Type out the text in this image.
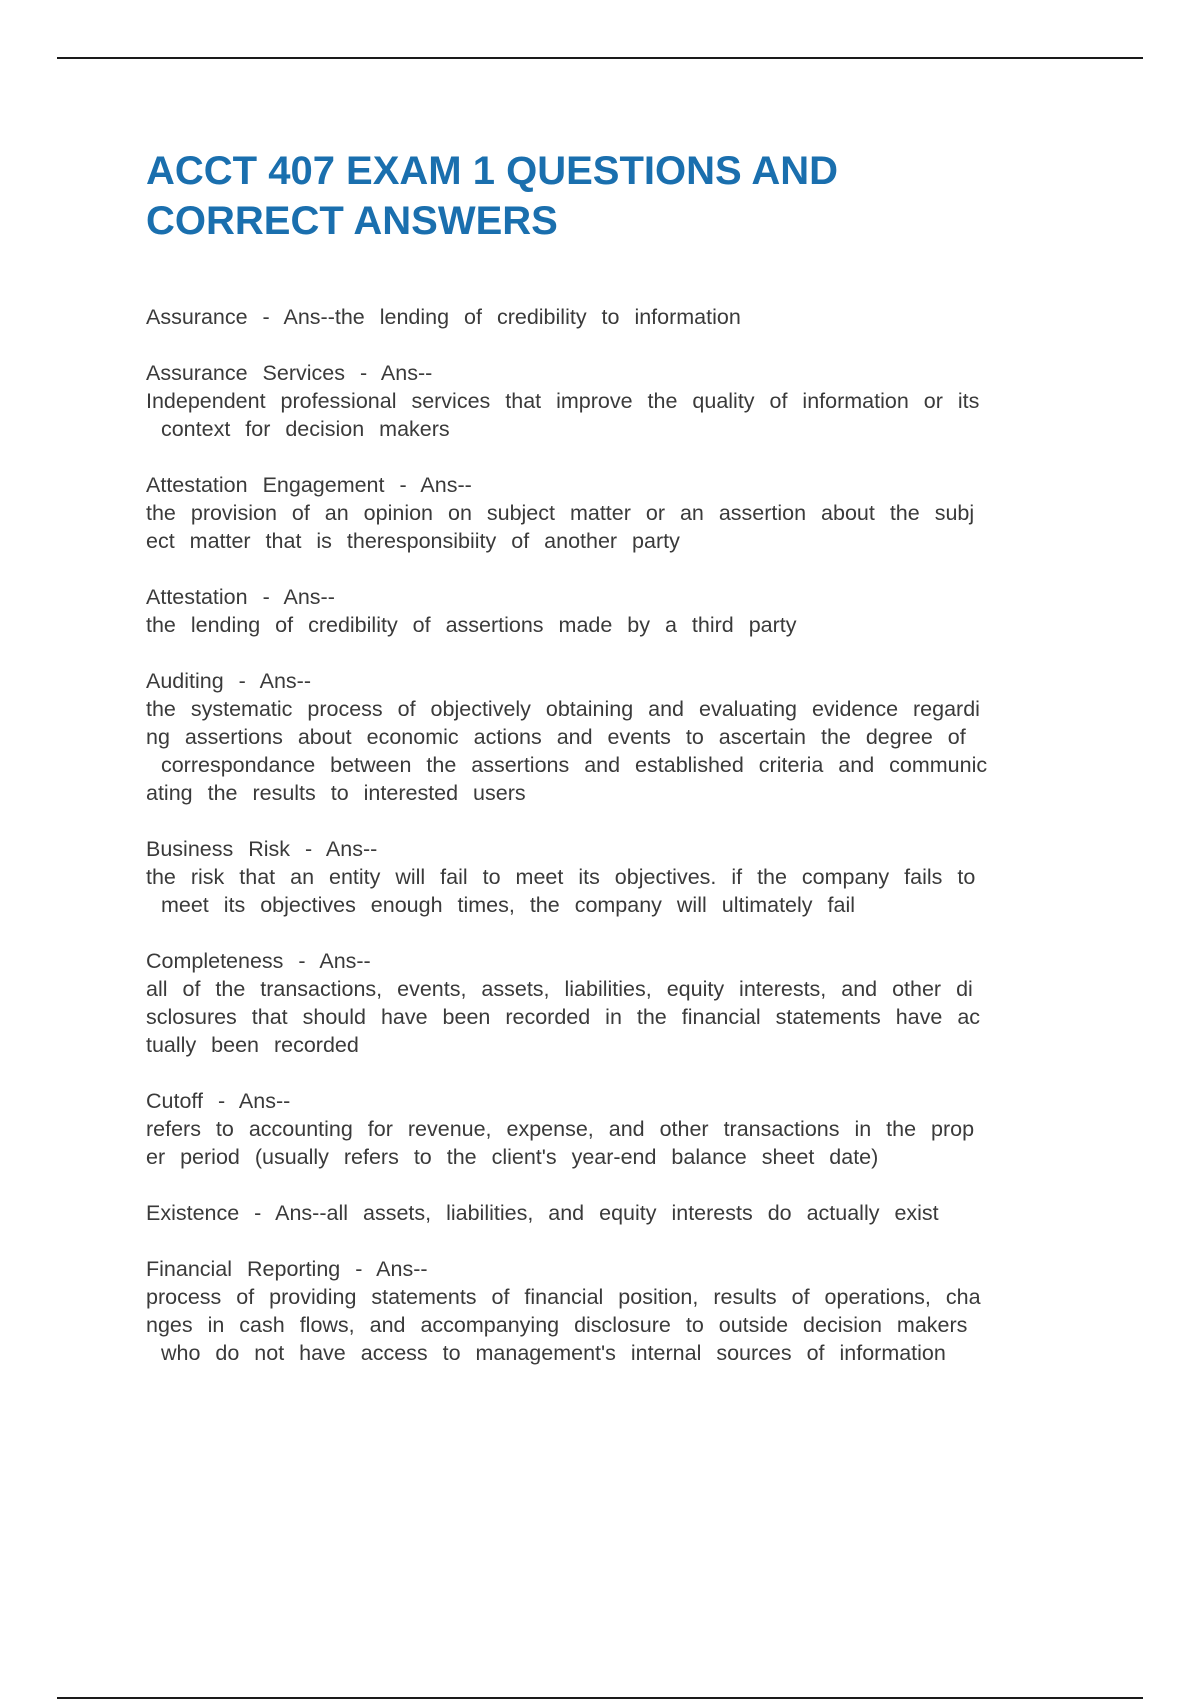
ACCT 407 EXAM 1 QUESTIONS AND
CORRECT ANSWERS

Assurance - Ans--the lending of credibility to information

Assurance Services - Ans--
Independent professional services that improve the quality of information or its
context for decision makers

Attestation Engagement - Ans--
the provision of an opinion on subject matter or an assertion about the subj
ect matter that is theresponsibiity of another party

Attestation - Ans--
the lending of credibility of assertions made by a third party

Auditing - Ans--
the systematic process of objectively obtaining and evaluating evidence regardi
ng assertions about economic actions and events to ascertain the degree of
correspondance between the assertions and established criteria and communic
ating the results to interested users

Business Risk - Ans--
the risk that an entity will fail to meet its objectives. if the company fails to
meet its objectives enough times, the company will ultimately fail

Completeness - Ans--
all of the transactions, events, assets, liabilities, equity interests, and other di
sclosures that should have been recorded in the financial statements have ac
tually been recorded

Cutoff - Ans--
refers to accounting for revenue, expense, and other transactions in the prop
er period (usually refers to the client's year-end balance sheet date)

Existence - Ans--all assets, liabilities, and equity interests do actually exist

Financial Reporting - Ans--
process of providing statements of financial position, results of operations, cha
nges in cash flows, and accompanying disclosure to outside decision makers
who do not have access to management's internal sources of information
